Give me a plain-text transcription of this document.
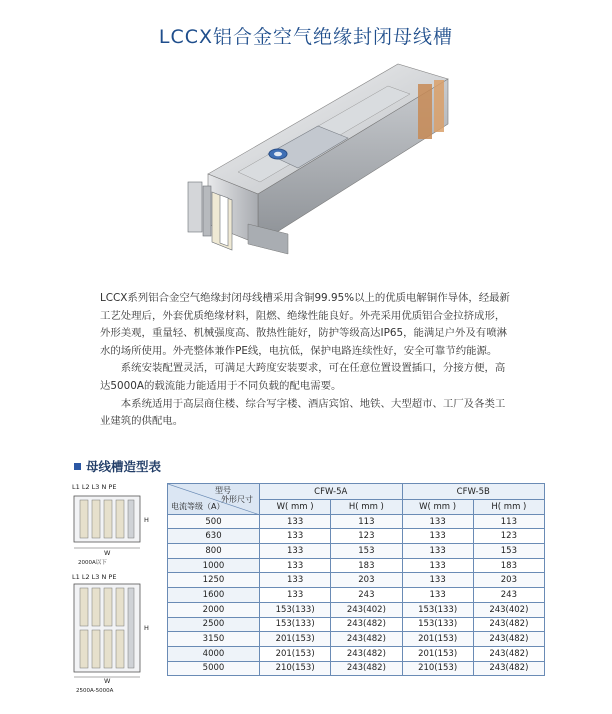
LCCX铝合金空气绝缘封闭母线槽

LCCX系列铝合金空气绝缘封闭母线槽采用含铜99.95%以上的优质电解铜作导体，经最新工艺处理后，外套优质绝缘材料，阻燃、绝缘性能良好。外壳采用优质铝合金拉挤成形，外形美观，重量轻、机械强度高、散热性能好，防护等级高达IP65，能满足户外及有喷淋水的场所使用。外壳整体兼作PE线，电抗低，保护电路连续性好，安全可靠节约能源。

系统安装配置灵活，可满足大跨度安装要求，可在任意位置设置插口，分接方便，高达5000A的载流能力能适用于不同负载的配电需要。

本系统适用于高层商住楼、综合写字楼、酒店宾馆、地铁、大型超市、工厂及各类工业建筑的供配电。

母线槽造型表
L1 L2 L3 N PE
H
W
2000A以下
L1 L2 L3 N PE
H
W
2500A-5000A
型号
外形尺寸
电流等级（A）	CFW-5A		CFW-5B	
	W( mm )	H( mm )	W( mm )	H( mm )
500	133	113	133	113
630	133	123	133	123
800	133	153	133	153
1000	133	183	133	183
1250	133	203	133	203
1600	133	243	133	243
2000	153(133)	243(402)	153(133)	243(402)
2500	153(133)	243(482)	153(133)	243(482)
3150	201(153)	243(482)	201(153)	243(482)
4000	201(153)	243(482)	201(153)	243(482)
5000	210(153)	243(482)	210(153)	243(482)
